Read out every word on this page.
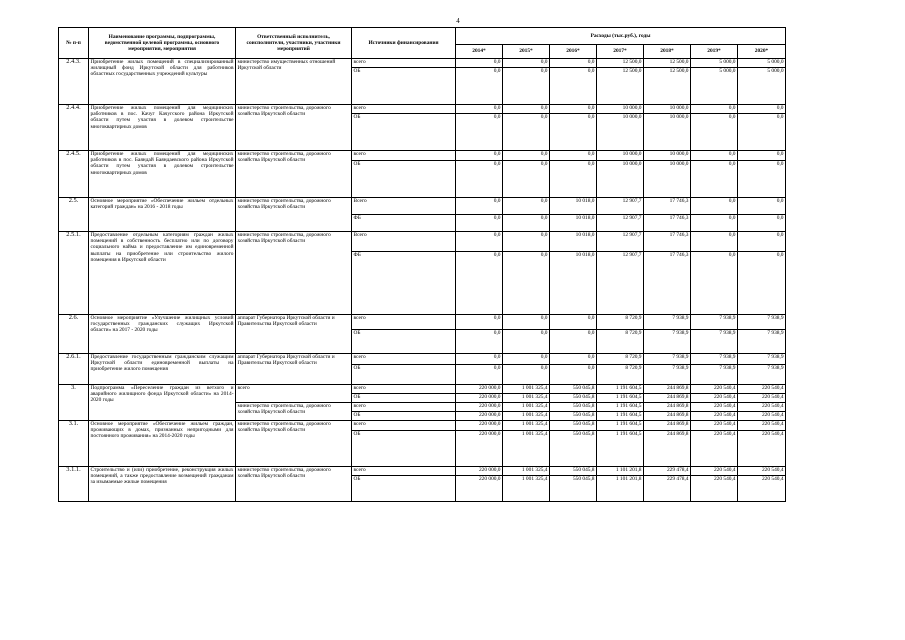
4
№ п-п	Наименование программы, подпрограммы, ведомственной целевой программы, основного мероприятия, мероприятия	Ответственный исполнитель, соисполнители, участники, участники мероприятий	Источники финансирования	Расходы (тыс.руб.), годы						
				2014*	2015*	2016*	2017*	2018*	2019*	2020*
2.4.3.	Приобретение жилых помещений в специализированный жилищный фонд Иркутской области для работников областных государственных учреждений культуры	министерство имущественных отношений Иркутской области	всего	0,0	0,0	0,0	12 500,0	12 500,0	5 000,0	5 000,0
			ОБ	0,0	0,0	0,0	12 500,0	12 500,0	5 000,0	5 000,0
2.4.4.	Приобретение жилых помещений для медицинских работников в пос. Качуг Качугского района Иркутской области путем участия в долевом строительстве многоквартирных домов	министерство строительства, дорожного хозяйства Иркутской области	всего	0,0	0,0	0,0	10 000,0	10 000,0	0,0	0,0
			ОБ	0,0	0,0	0,0	10 000,0	10 000,0	0,0	0,0
2.4.5.	Приобретение жилых помещений для медицинских работников в пос. Баяндай Баяндаевского района Иркутской области путем участия в долевом строительстве многоквартирных домов	министерство строительства, дорожного хозяйства Иркутской области	всего	0,0	0,0	0,0	10 000,0	10 000,0	0,0	0,0
			ОБ	0,0	0,0	0,0	10 000,0	10 000,0	0,0	0,0
2.5.	Основное мероприятие «Обеспечение жильем отдельных категорий граждан» на 2016 - 2018 годы	министерство строительства, дорожного хозяйства Иркутской области	Всего	0,0	0,0	10 018,0	12 907,7	17 746,3	0,0	0,0
			ФБ	0,0	0,0	10 018,0	12 907,7	17 746,3	0,0	0,0
2.5.1.	Предоставление отдельным категориям граждан жилых помещений в собственность бесплатно или по договору социального найма и предоставление им единовременной выплаты на приобретение или строительство жилого помещения в Иркутской области	министерство строительства, дорожного хозяйства Иркутской области	Всего	0,0	0,0	10 018,0	12 907,7	17 746,3	0,0	0,0
			ФБ	0,0	0,0	10 018,0	12 907,7	17 746,3	0,0	0,0
2.6.	Основное мероприятие «Улучшение жилищных условий государственных гражданских служащих Иркутской области» на 2017 - 2020 годы	аппарат Губернатора Иркутской области и Правительства Иркутской области	всего	0,0	0,0	0,0	8 720,9	7 938,9	7 938,9	7 938,9
			ОБ	0,0	0,0	0,0	8 720,9	7 938,9	7 938,9	7 938,9
2.6.1.	Предоставление государственным гражданским служащим Иркутской области единовременной выплаты на приобретение жилого помещения	аппарат Губернатора Иркутской области и Правительства Иркутской области	всего	0,0	0,0	0,0	8 720,9	7 938,9	7 938,9	7 938,9
			ОБ	0,0	0,0	0,0	8 720,9	7 938,9	7 938,9	7 938,9
3.	Подпрограмма «Переселение граждан из ветхого и аварийного жилищного фонда Иркутской области» на 2014-2020 годы	всего	всего	220 000,0	1 001 325,4	550 045,8	1 191 604,5	244 869,8	220 540,4	220 540,4
			ОБ	220 000,0	1 001 325,4	550 045,8	1 191 604,5	244 869,8	220 540,4	220 540,4
		министерство строительства, дорожного хозяйства Иркутской области	всего	220 000,0	1 001 325,4	550 045,8	1 191 604,5	244 869,8	220 540,4	220 540,4
			ОБ	220 000,0	1 001 325,4	550 045,8	1 191 604,5	244 869,8	220 540,4	220 540,4
3.1.	Основное мероприятие «Обеспечение жильем граждан, проживающих в домах, признанных непригодными для постоянного проживания» на 2014-2020 годы	министерство строительства, дорожного хозяйства Иркутской области	всего	220 000,0	1 001 325,4	550 045,8	1 191 604,5	244 869,8	220 540,4	220 540,4
			ОБ	220 000,0	1 001 325,4	550 045,8	1 191 604,5	244 869,8	220 540,4	220 540,4
3.1.1.	Строительство и (или) приобретение, реконструкция жилых помещений, а также предоставление возмещений гражданам за изымаемые жилые помещения	министерство строительства, дорожного хозяйства Иркутской области	всего	220 000,0	1 001 325,4	550 045,8	1 101 201,8	229 478,4	220 540,4	220 540,4
			ОБ	220 000,0	1 001 325,4	550 045,8	1 101 201,8	229 478,4	220 540,4	220 540,4
